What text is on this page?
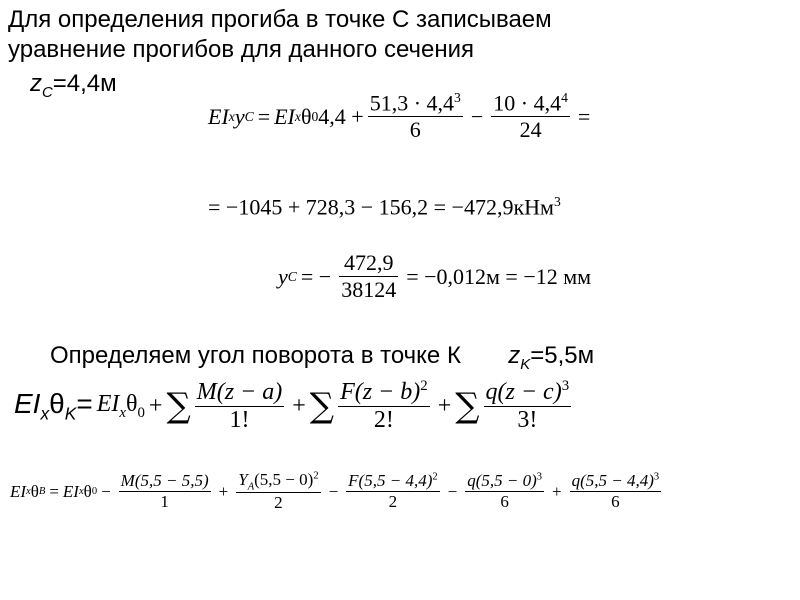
Для определения прогиба в точке С записываем
уравнение прогибов для данного сечения
$z_C=4,4м$
EI x y C = EI x θ 0 $4,4 + \frac{51,3 \cdot 4,4^3}{6} - \frac{10 \cdot 4,4^4}{24}$ =
= −1045 + 728,3 − 156,2 = −472,9кНм$^3$
y C = − $\frac{472,9}{38124} = -0,012м = -12$ мм
Определяем угол поворота в точке К $z_K=5,5м$
$EI_x\theta_K= EI_x\theta_0$ + ∑ $\frac{M(z - a)}{1!}$ + ∑ $\frac{F(z - b)^2}{2!}$ + ∑ $\frac{q(z - c)^3}{3!}$
EI x θ B = EI x θ $0 - \frac{M(5,5 - 5,5)}{1} + \frac{Y_A(5,5 - 0)^2}{2} - \frac{F(5,5 - 4,4)^2}{2} - \frac{q(5,5 - 0)^3}{6} + \frac{q(5,5 - 4,4)^3}{6}$
